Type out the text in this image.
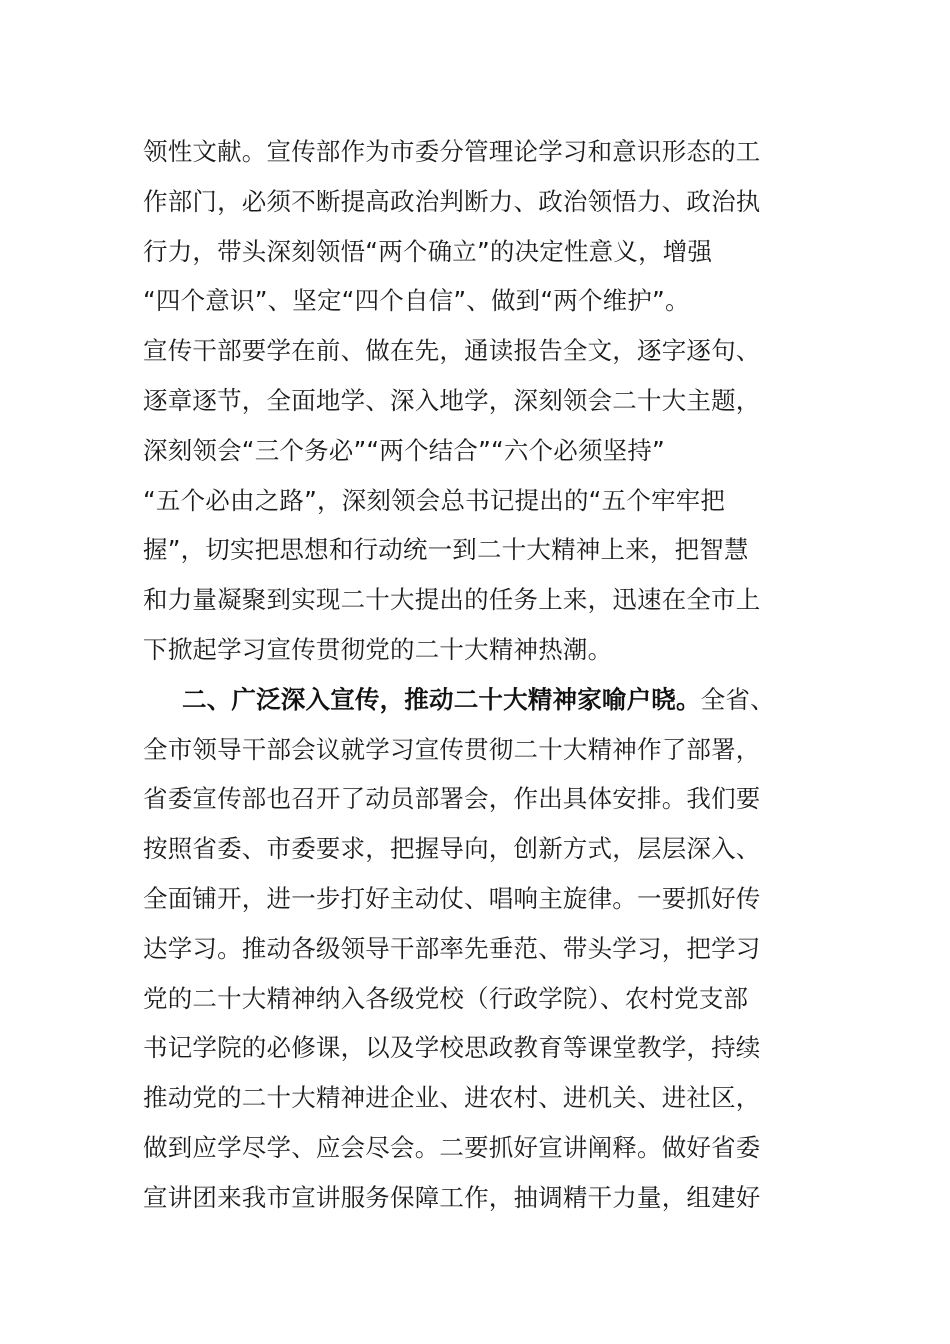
领性文献。宣传部作为市委分管理论学习和意识形态的工
作部门，必须不断提高政治判断力、政治领悟力、政治执
行力，带头深刻领悟“两个确立”的决定性意义，增强
“四个意识”、坚定“四个自信”、做到“两个维护”。
宣传干部要学在前、做在先，通读报告全文，逐字逐句、
逐章逐节，全面地学、深入地学，深刻领会二十大主题，
深刻领会“三个务必”“两个结合”“六个必须坚持”
“五个必由之路”，深刻领会总书记提出的“五个牢牢把
握”，切实把思想和行动统一到二十大精神上来，把智慧
和力量凝聚到实现二十大提出的任务上来，迅速在全市上
下掀起学习宣传贯彻党的二十大精神热潮。
二、广泛深入宣传，推动二十大精神家喻户晓。全省、
全市领导干部会议就学习宣传贯彻二十大精神作了部署，
省委宣传部也召开了动员部署会，作出具体安排。我们要
按照省委、市委要求，把握导向，创新方式，层层深入、
全面铺开，进一步打好主动仗、唱响主旋律。一要抓好传
达学习。推动各级领导干部率先垂范、带头学习，把学习
党的二十大精神纳入各级党校（行政学院）、农村党支部
书记学院的必修课，以及学校思政教育等课堂教学，持续
推动党的二十大精神进企业、进农村、进机关、进社区，
做到应学尽学、应会尽会。二要抓好宣讲阐释。做好省委
宣讲团来我市宣讲服务保障工作，抽调精干力量，组建好
